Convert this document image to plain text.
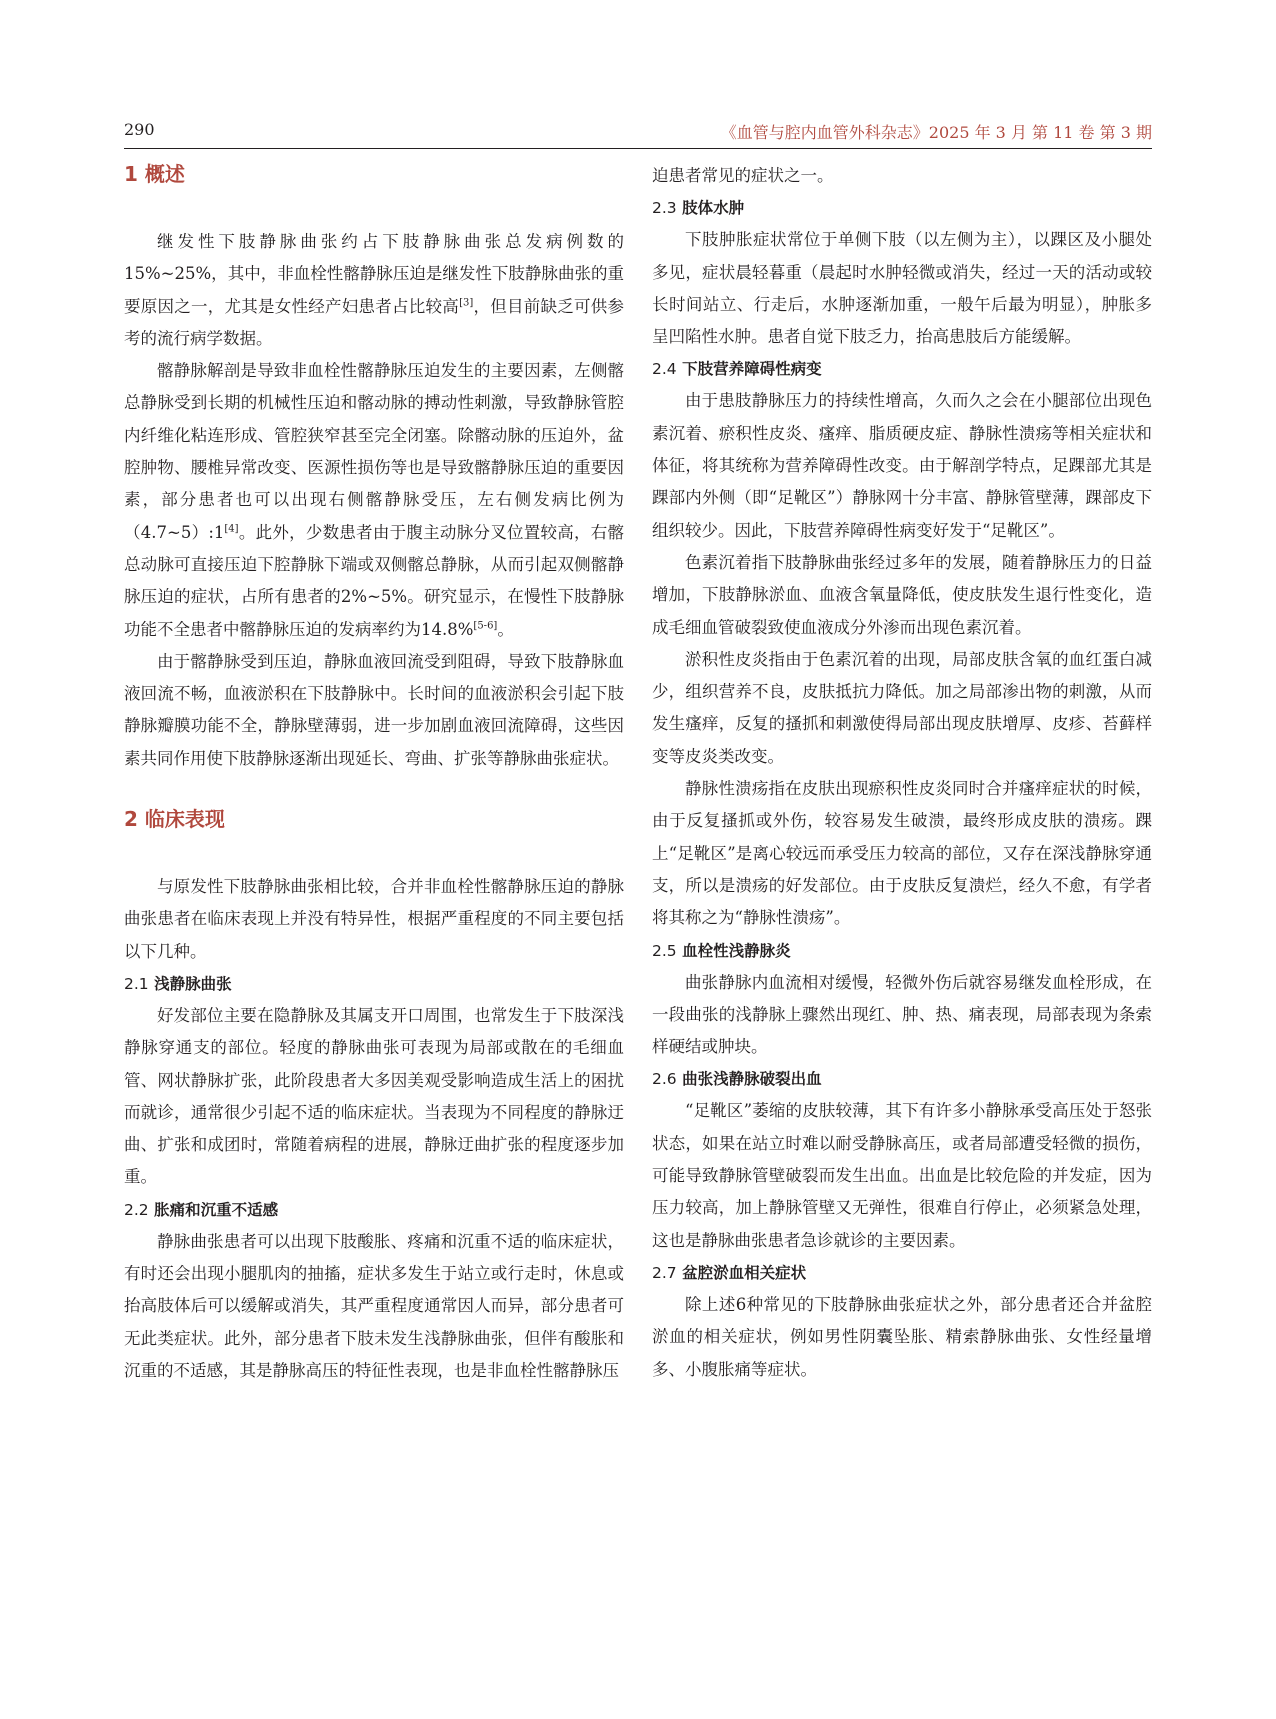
290	《血管与腔内血管外科杂志》2025 年 3 月 第 11 卷 第 3 期
1 概述

继发性下肢静脉曲张约占下肢静脉曲张总发病例数的15%~25%，其中，非血栓性髂静脉压迫是继发性下肢静脉曲张的重要原因之一，尤其是女性经产妇患者占比较高[3]，但目前缺乏可供参考的流行病学数据。

髂静脉解剖是导致非血栓性髂静脉压迫发生的主要因素，左侧髂总静脉受到长期的机械性压迫和髂动脉的搏动性刺激，导致静脉管腔内纤维化粘连形成、管腔狭窄甚至完全闭塞。除髂动脉的压迫外，盆腔肿物、腰椎异常改变、医源性损伤等也是导致髂静脉压迫的重要因素，部分患者也可以出现右侧髂静脉受压，左右侧发病比例为（4.7~5）:1[4]。此外，少数患者由于腹主动脉分叉位置较高，右髂总动脉可直接压迫下腔静脉下端或双侧髂总静脉，从而引起双侧髂静脉压迫的症状，占所有患者的2%~5%。研究显示，在慢性下肢静脉功能不全患者中髂静脉压迫的发病率约为14.8%[5-6]。

由于髂静脉受到压迫，静脉血液回流受到阻碍，导致下肢静脉血液回流不畅，血液淤积在下肢静脉中。长时间的血液淤积会引起下肢静脉瓣膜功能不全，静脉壁薄弱，进一步加剧血液回流障碍，这些因素共同作用使下肢静脉逐渐出现延长、弯曲、扩张等静脉曲张症状。

2 临床表现

与原发性下肢静脉曲张相比较，合并非血栓性髂静脉压迫的静脉曲张患者在临床表现上并没有特异性，根据严重程度的不同主要包括以下几种。

2.1 浅静脉曲张

好发部位主要在隐静脉及其属支开口周围，也常发生于下肢深浅静脉穿通支的部位。轻度的静脉曲张可表现为局部或散在的毛细血管、网状静脉扩张，此阶段患者大多因美观受影响造成生活上的困扰而就诊，通常很少引起不适的临床症状。当表现为不同程度的静脉迂曲、扩张和成团时，常随着病程的进展，静脉迂曲扩张的程度逐步加重。

2.2 胀痛和沉重不适感

静脉曲张患者可以出现下肢酸胀、疼痛和沉重不适的临床症状，有时还会出现小腿肌肉的抽搐，症状多发生于站立或行走时，休息或抬高肢体后可以缓解或消失，其严重程度通常因人而异，部分患者可无此类症状。此外，部分患者下肢未发生浅静脉曲张，但伴有酸胀和沉重的不适感，其是静脉高压的特征性表现，也是非血栓性髂静脉压

迫患者常见的症状之一。

2.3 肢体水肿

下肢肿胀症状常位于单侧下肢（以左侧为主），以踝区及小腿处多见，症状晨轻暮重（晨起时水肿轻微或消失，经过一天的活动或较长时间站立、行走后，水肿逐渐加重，一般午后最为明显），肿胀多呈凹陷性水肿。患者自觉下肢乏力，抬高患肢后方能缓解。

2.4 下肢营养障碍性病变

由于患肢静脉压力的持续性增高，久而久之会在小腿部位出现色素沉着、瘀积性皮炎、瘙痒、脂质硬皮症、静脉性溃疡等相关症状和体征，将其统称为营养障碍性改变。由于解剖学特点，足踝部尤其是踝部内外侧（即“足靴区”）静脉网十分丰富、静脉管壁薄，踝部皮下组织较少。因此，下肢营养障碍性病变好发于“足靴区”。

色素沉着指下肢静脉曲张经过多年的发展，随着静脉压力的日益增加，下肢静脉淤血、血液含氧量降低，使皮肤发生退行性变化，造成毛细血管破裂致使血液成分外渗而出现色素沉着。

淤积性皮炎指由于色素沉着的出现，局部皮肤含氧的血红蛋白减少，组织营养不良，皮肤抵抗力降低。加之局部渗出物的刺激，从而发生瘙痒，反复的搔抓和刺激使得局部出现皮肤增厚、皮疹、苔藓样变等皮炎类改变。

静脉性溃疡指在皮肤出现瘀积性皮炎同时合并瘙痒症状的时候，由于反复搔抓或外伤，较容易发生破溃，最终形成皮肤的溃疡。踝上“足靴区”是离心较远而承受压力较高的部位，又存在深浅静脉穿通支，所以是溃疡的好发部位。由于皮肤反复溃烂，经久不愈，有学者将其称之为“静脉性溃疡”。

2.5 血栓性浅静脉炎

曲张静脉内血流相对缓慢，轻微外伤后就容易继发血栓形成，在一段曲张的浅静脉上骤然出现红、肿、热、痛表现，局部表现为条索样硬结或肿块。

2.6 曲张浅静脉破裂出血

“足靴区”萎缩的皮肤较薄，其下有许多小静脉承受高压处于怒张状态，如果在站立时难以耐受静脉高压，或者局部遭受轻微的损伤，可能导致静脉管壁破裂而发生出血。出血是比较危险的并发症，因为压力较高，加上静脉管壁又无弹性，很难自行停止，必须紧急处理，这也是静脉曲张患者急诊就诊的主要因素。

2.7 盆腔淤血相关症状

除上述6种常见的下肢静脉曲张症状之外，部分患者还合并盆腔淤血的相关症状，例如男性阴囊坠胀、精索静脉曲张、女性经量增多、小腹胀痛等症状。
